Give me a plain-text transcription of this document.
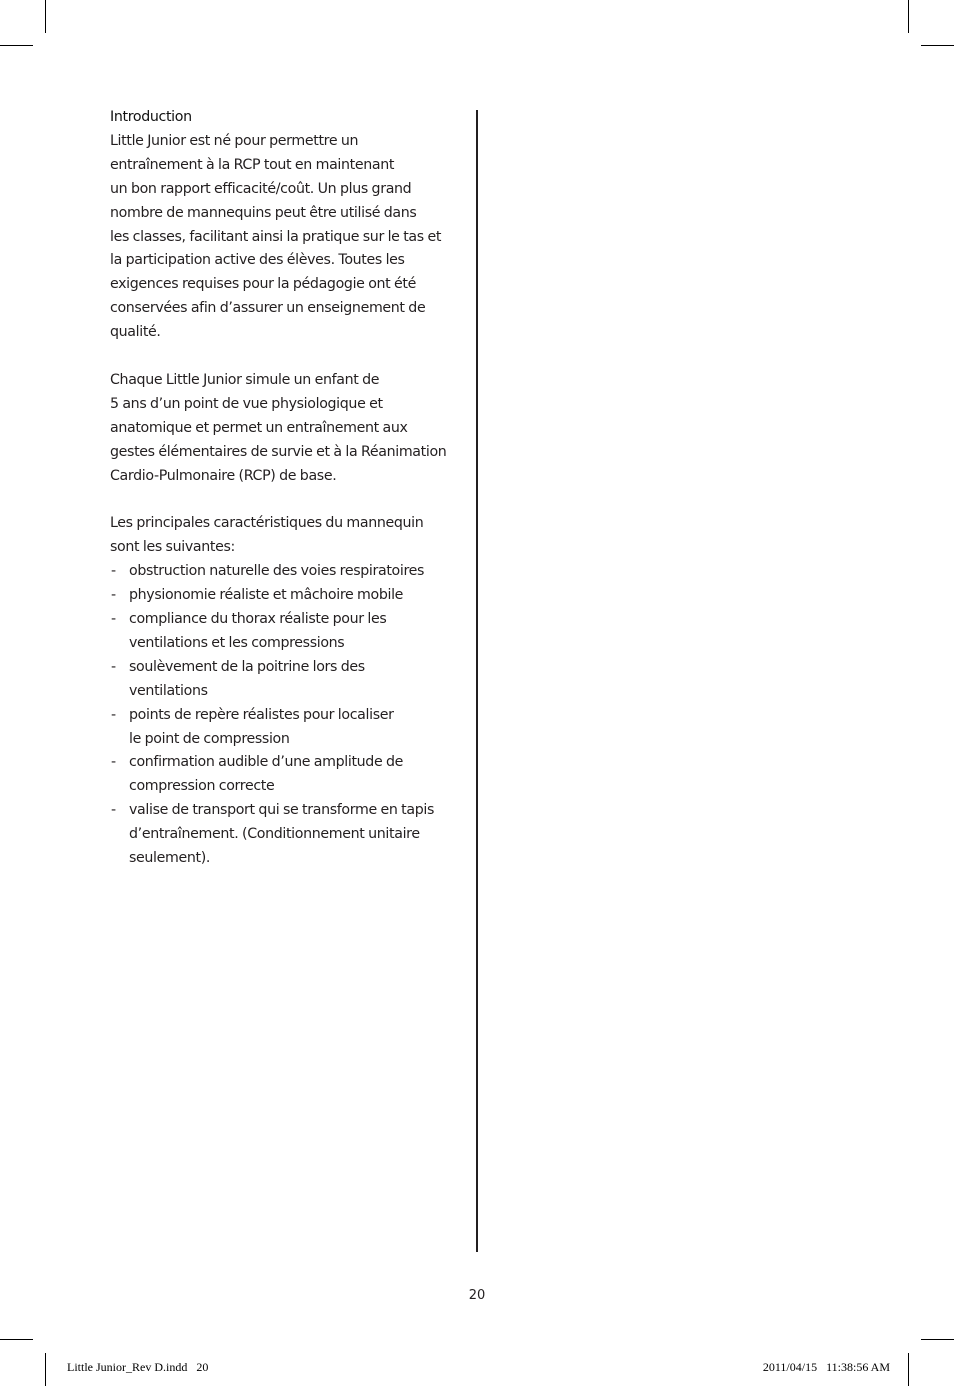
Introduction

Little Junior est né pour permettre un
entraînement à la RCP tout en maintenant
un bon rapport efficacité/coût. Un plus grand
nombre de mannequins peut être utilisé dans
les classes, facilitant ainsi la pratique sur le tas et
la participation active des élèves. Toutes les
exigences requises pour la pédagogie ont été
conservées afin d’assurer un enseignement de
qualité.

Chaque Little Junior simule un enfant de
5 ans d’un point de vue physiologique et
anatomique et permet un entraînement aux
gestes élémentaires de survie et à la Réanimation
Cardio-Pulmonaire (RCP) de base.

Les principales caractéristiques du mannequin
sont les suivantes:

- obstruction naturelle des voies respiratoires
- physionomie réaliste et mâchoire mobile
- compliance du thorax réaliste pour les
ventilations et les compressions
- soulèvement de la poitrine lors des
ventilations
- points de repère réalistes pour localiser
le point de compression
- confirmation audible d’une amplitude de
compression correcte
- valise de transport qui se transforme en tapis
d’entraînement. (Conditionnement unitaire
seulement).
20
Little Junior_Rev D.indd   20	2011/04/15   11:38:56 AM
